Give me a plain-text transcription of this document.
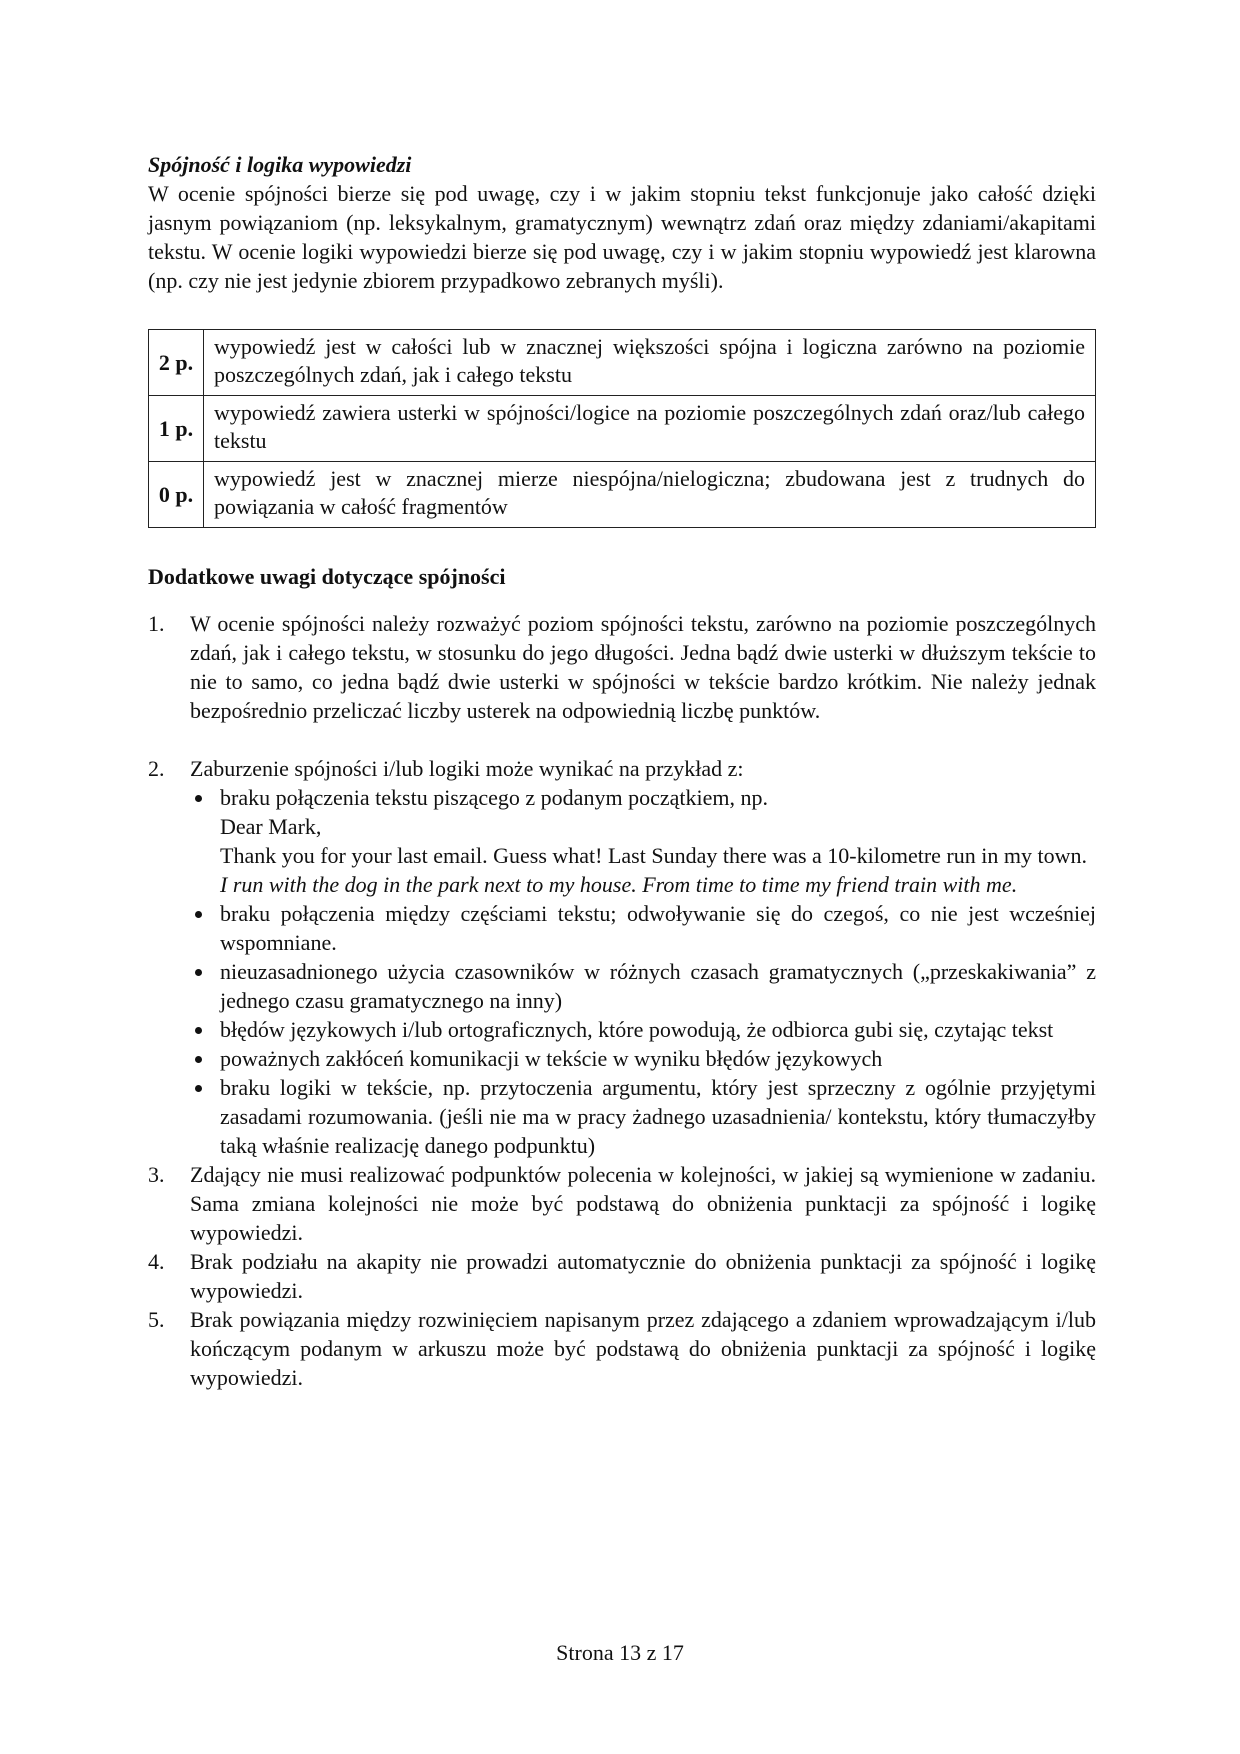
Spójność i logika wypowiedzi

W ocenie spójności bierze się pod uwagę, czy i w jakim stopniu tekst funkcjonuje jako całość dzięki jasnym powiązaniom (np. leksykalnym, gramatycznym) wewnątrz zdań oraz między zdaniami/akapitami tekstu. W ocenie logiki wypowiedzi bierze się pod uwagę, czy i w jakim stopniu wypowiedź jest klarowna (np. czy nie jest jedynie zbiorem przypadkowo zebranych myśli).

2 p.	wypowiedź jest w całości lub w znacznej większości spójna i logiczna zarówno na poziomie poszczególnych zdań, jak i całego tekstu
1 p.	wypowiedź zawiera usterki w spójności/logice na poziomie poszczególnych zdań oraz/lub całego tekstu
0 p.	wypowiedź jest w znacznej mierze niespójna/nielogiczna; zbudowana jest z trudnych do powiązania w całość fragmentów

Dodatkowe uwagi dotyczące spójności

1. W ocenie spójności należy rozważyć poziom spójności tekstu, zarówno na poziomie poszczególnych zdań, jak i całego tekstu, w stosunku do jego długości. Jedna bądź dwie usterki w dłuższym tekście to nie to samo, co jedna bądź dwie usterki w spójności w tekście bardzo krótkim. Nie należy jednak bezpośrednio przeliczać liczby usterek na odpowiednią liczbę punktów.
2. Zaburzenie spójności i/lub logiki może wynikać na przykład z:
braku połączenia tekstu piszącego z podanym początkiem, np.
Dear Mark,
Thank you for your last email. Guess what! Last Sunday there was a 10-kilometre run in my town.
I run with the dog in the park next to my house. From time to time my friend train with me.
braku połączenia między częściami tekstu; odwoływanie się do czegoś, co nie jest wcześniej wspomniane.
nieuzasadnionego użycia czasowników w różnych czasach gramatycznych („przeskakiwania” z jednego czasu gramatycznego na inny)
błędów językowych i/lub ortograficznych, które powodują, że odbiorca gubi się, czytając tekst
poważnych zakłóceń komunikacji w tekście w wyniku błędów językowych
braku logiki w tekście, np. przytoczenia argumentu, który jest sprzeczny z ogólnie przyjętymi zasadami rozumowania. (jeśli nie ma w pracy żadnego uzasadnienia/ kontekstu, który tłumaczyłby taką właśnie realizację danego podpunktu)
3. Zdający nie musi realizować podpunktów polecenia w kolejności, w jakiej są wymienione w zadaniu. Sama zmiana kolejności nie może być podstawą do obniżenia punktacji za spójność i logikę wypowiedzi.
4. Brak podziału na akapity nie prowadzi automatycznie do obniżenia punktacji za spójność i logikę wypowiedzi.
5. Brak powiązania między rozwinięciem napisanym przez zdającego a zdaniem wprowadzającym i/lub kończącym podanym w arkuszu może być podstawą do obniżenia punktacji za spójność i logikę wypowiedzi.
Strona 13 z 17
